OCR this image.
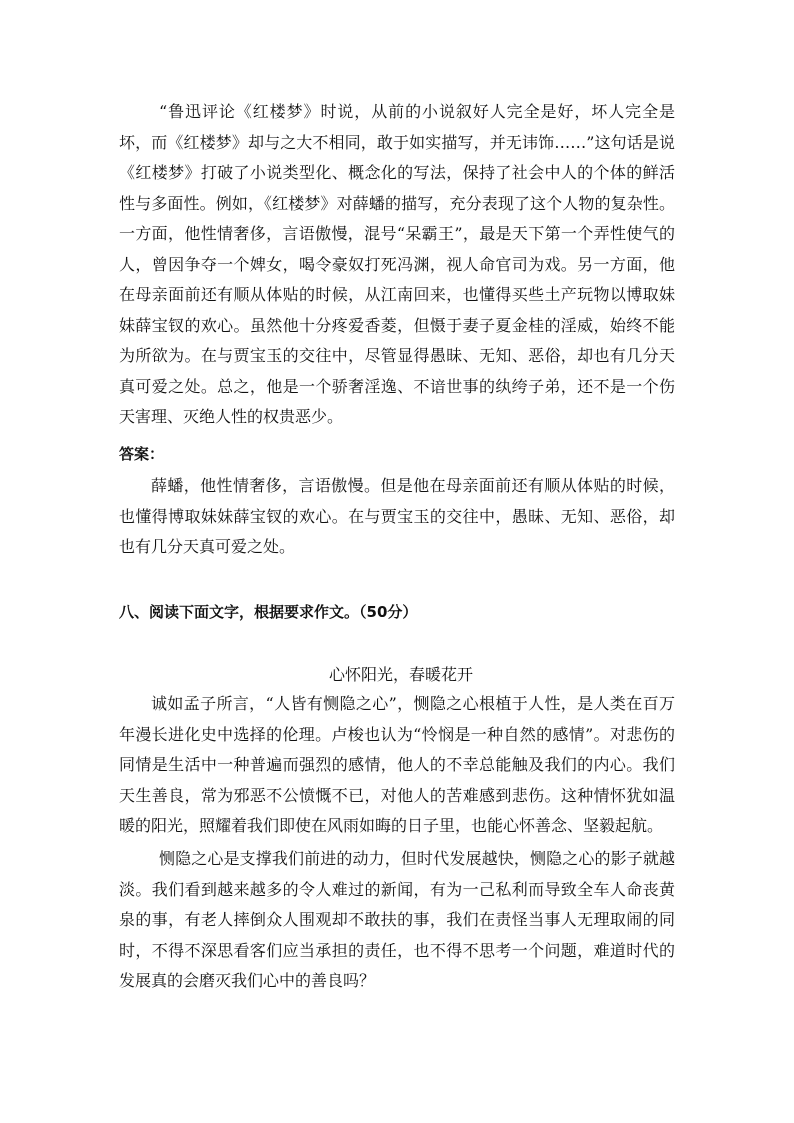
“鲁迅评论《红楼梦》时说，从前的小说叙好人完全是好，坏人完全是坏，而《红楼梦》却与之大不相同，敢于如实描写，并无讳饰……”这句话是说《红楼梦》打破了小说类型化、概念化的写法，保持了社会中人的个体的鲜活性与多面性。例如，《红楼梦》对薛蟠的描写，充分表现了这个人物的复杂性。一方面，他性情奢侈，言语傲慢，混号“呆霸王”，最是天下第一个弄性使气的人，曾因争夺一个婢女，喝令豪奴打死冯渊，视人命官司为戏。另一方面，他在母亲面前还有顺从体贴的时候，从江南回来，也懂得买些土产玩物以博取妹妹薛宝钗的欢心。虽然他十分疼爱香菱，但慑于妻子夏金桂的淫威，始终不能为所欲为。在与贾宝玉的交往中，尽管显得愚昧、无知、恶俗，却也有几分天真可爱之处。总之，他是一个骄奢淫逸、不谙世事的纨绔子弟，还不是一个伤天害理、灭绝人性的权贵恶少。

答案：

薛蟠，他性情奢侈，言语傲慢。但是他在母亲面前还有顺从体贴的时候，也懂得博取妹妹薛宝钗的欢心。在与贾宝玉的交往中，愚昧、无知、恶俗，却也有几分天真可爱之处。

八、阅读下面文字，根据要求作文。（50分）

心怀阳光，春暖花开

诚如孟子所言，“人皆有恻隐之心”，恻隐之心根植于人性，是人类在百万年漫长进化史中选择的伦理。卢梭也认为“怜悯是一种自然的感情”。对悲伤的同情是生活中一种普遍而强烈的感情，他人的不幸总能触及我们的内心。我们天生善良，常为邪恶不公愤慨不已，对他人的苦难感到悲伤。这种情怀犹如温暖的阳光，照耀着我们即使在风雨如晦的日子里，也能心怀善念、坚毅起航。

恻隐之心是支撑我们前进的动力，但时代发展越快，恻隐之心的影子就越淡。我们看到越来越多的令人难过的新闻，有为一己私利而导致全车人命丧黄泉的事，有老人摔倒众人围观却不敢扶的事，我们在责怪当事人无理取闹的同时，不得不深思看客们应当承担的责任，也不得不思考一个问题，难道时代的发展真的会磨灭我们心中的善良吗？
